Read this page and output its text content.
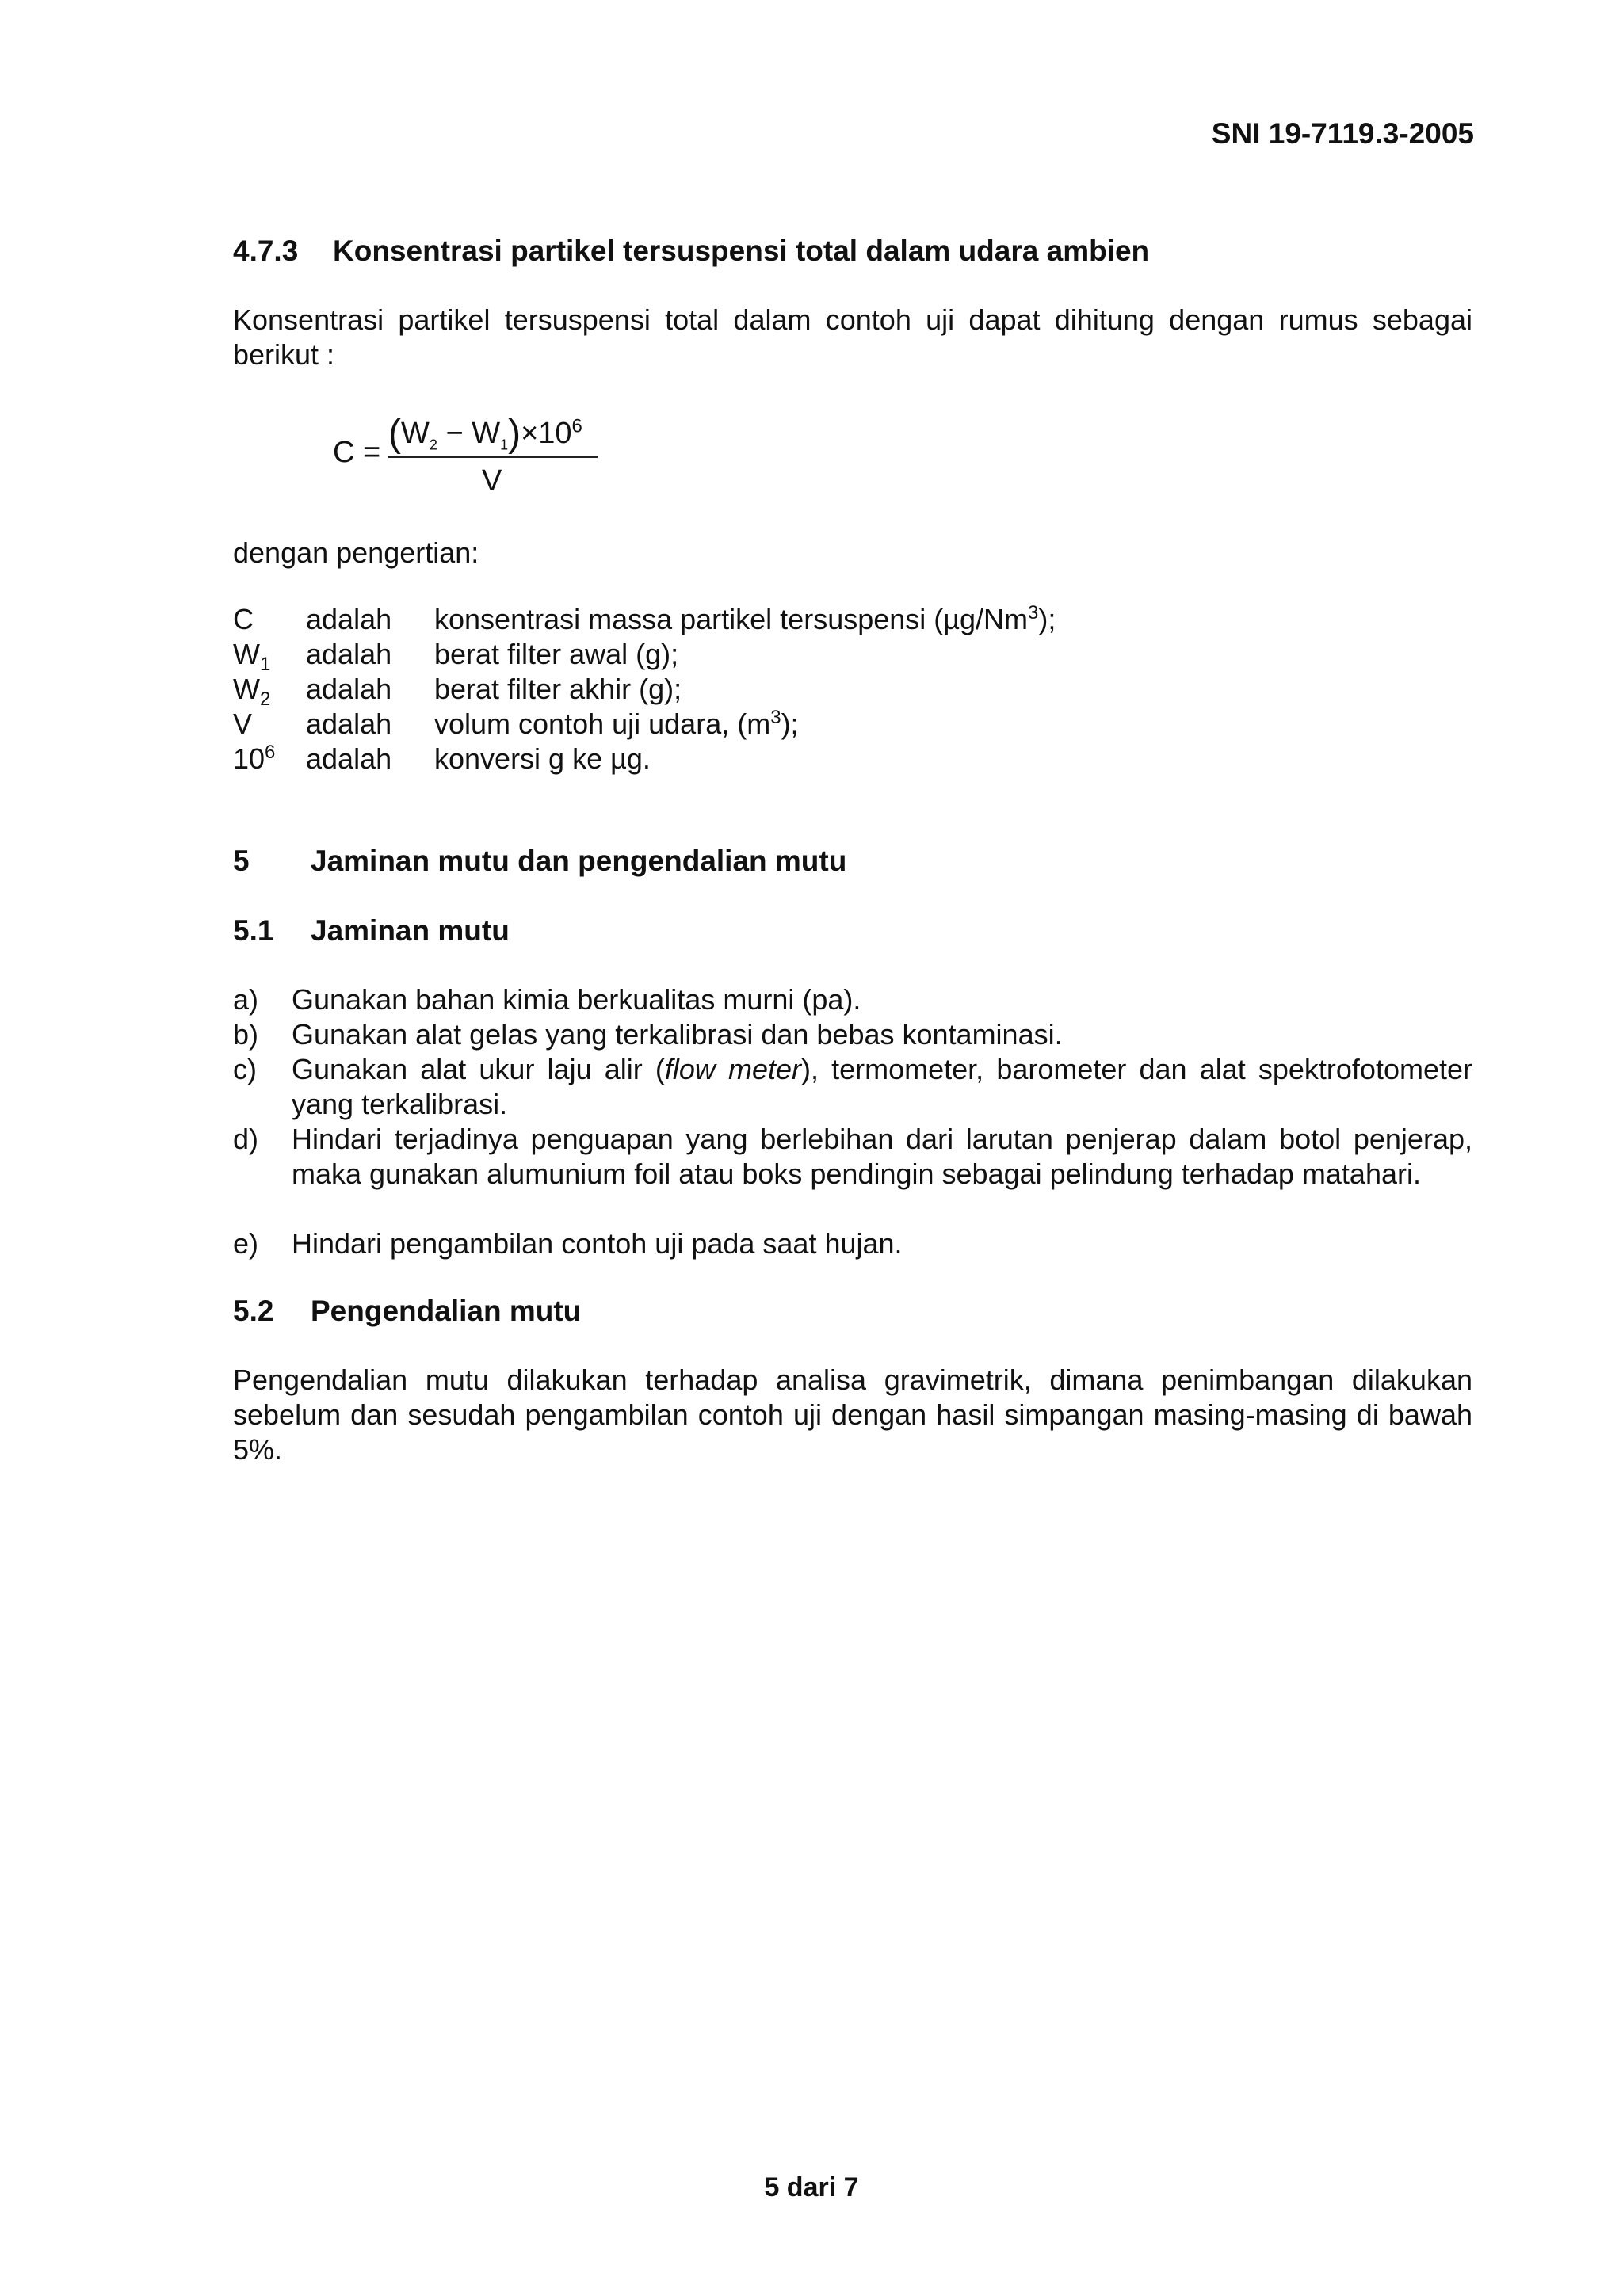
SNI 19-7119.3-2005
4.7.3 Konsentrasi partikel tersuspensi total dalam udara ambien
Konsentrasi partikel tersuspensi total dalam contoh uji dapat dihitung dengan rumus sebagai berikut :
$C = (W_2 - W_1)\times 10^6$
V
dengan pengertian:
C adalah konsentrasi massa partikel tersuspensi (µg/Nm$^3$);
$W_1$ adalah berat filter awal (g);
$W_2$ adalah berat filter akhir (g);
V adalah volum contoh uji udara, $(m^3)$;
$10^6$ adalah konversi g ke µg.
5 Jaminan mutu dan pengendalian mutu
5.1 Jaminan mutu
a) Gunakan bahan kimia berkualitas murni (pa).
b) Gunakan alat gelas yang terkalibrasi dan bebas kontaminasi.
c) Gunakan alat ukur laju alir (flow meter), termometer, barometer dan alat spektrofotometer yang terkalibrasi.
d) Hindari terjadinya penguapan yang berlebihan dari larutan penjerap dalam botol penjerap, maka gunakan alumunium foil atau boks pendingin sebagai pelindung terhadap matahari.
e) Hindari pengambilan contoh uji pada saat hujan.
5.2 Pengendalian mutu
Pengendalian mutu dilakukan terhadap analisa gravimetrik, dimana penimbangan dilakukan sebelum dan sesudah pengambilan contoh uji dengan hasil simpangan masing-masing di bawah 5%.
5 dari 7
